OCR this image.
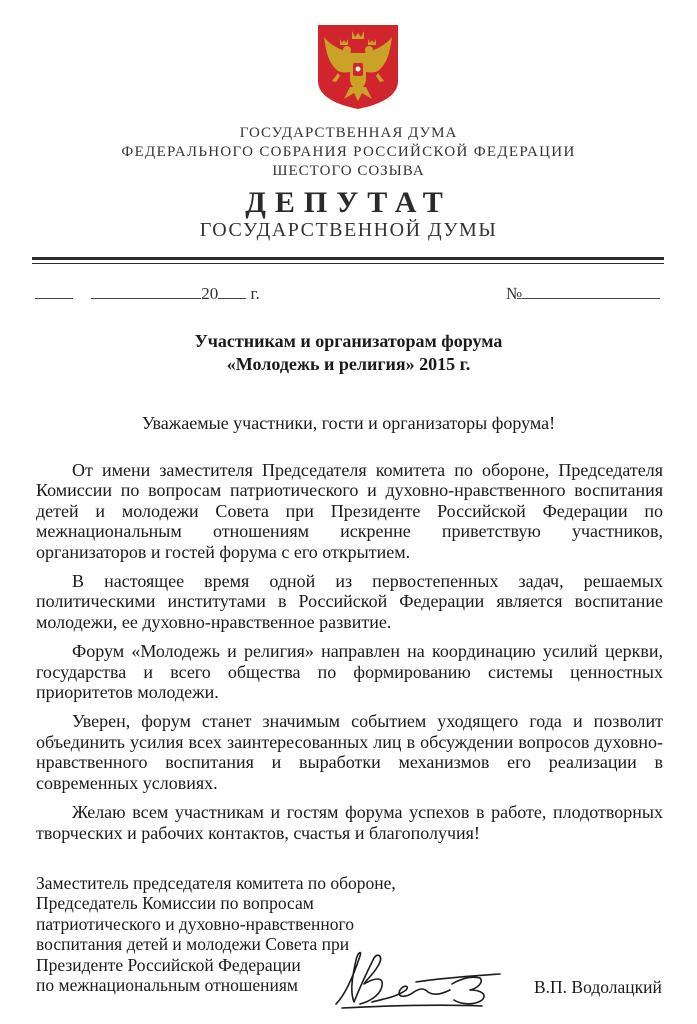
ГОСУДАРСТВЕННАЯ ДУМА
ФЕДЕРАЛЬНОГО СОБРАНИЯ РОССИЙСКОЙ ФЕДЕРАЦИИ
ШЕСТОГО СОЗЫВА
ДЕПУТАТ
ГОСУДАРСТВЕННОЙ ДУМЫ
20 г.	№
Участникам и организаторам форума
«Молодежь и религия» 2015 г.
Уважаемые участники, гости и организаторы форума!

От имени заместителя Председателя комитета по обороне, Председателя Комиссии по вопросам патриотического и духовно-нравственного воспитания детей и молодежи Совета при Президенте Российской Федерации по межнациональным отношениям искренне приветствую участников, организаторов и гостей форума с его открытием.

В настоящее время одной из первостепенных задач, решаемых политическими институтами в Российской Федерации является воспитание молодежи, ее духовно-нравственное развитие.

Форум «Молодежь и религия» направлен на координацию усилий церкви, государства и всего общества по формированию системы ценностных приоритетов молодежи.

Уверен, форум станет значимым событием уходящего года и позволит объединить усилия всех заинтересованных лиц в обсуждении вопросов духовно-нравственного воспитания и выработки механизмов его реализации в современных условиях.

Желаю всем участникам и гостям форума успехов в работе, плодотворных творческих и рабочих контактов, счастья и благополучия!

Заместитель председателя комитета по обороне,
Председатель Комиссии по вопросам
патриотического и духовно-нравственного
воспитания детей и молодежи Совета при
Президенте Российской Федерации
по межнациональным отношениям	В.П. Водолацкий
